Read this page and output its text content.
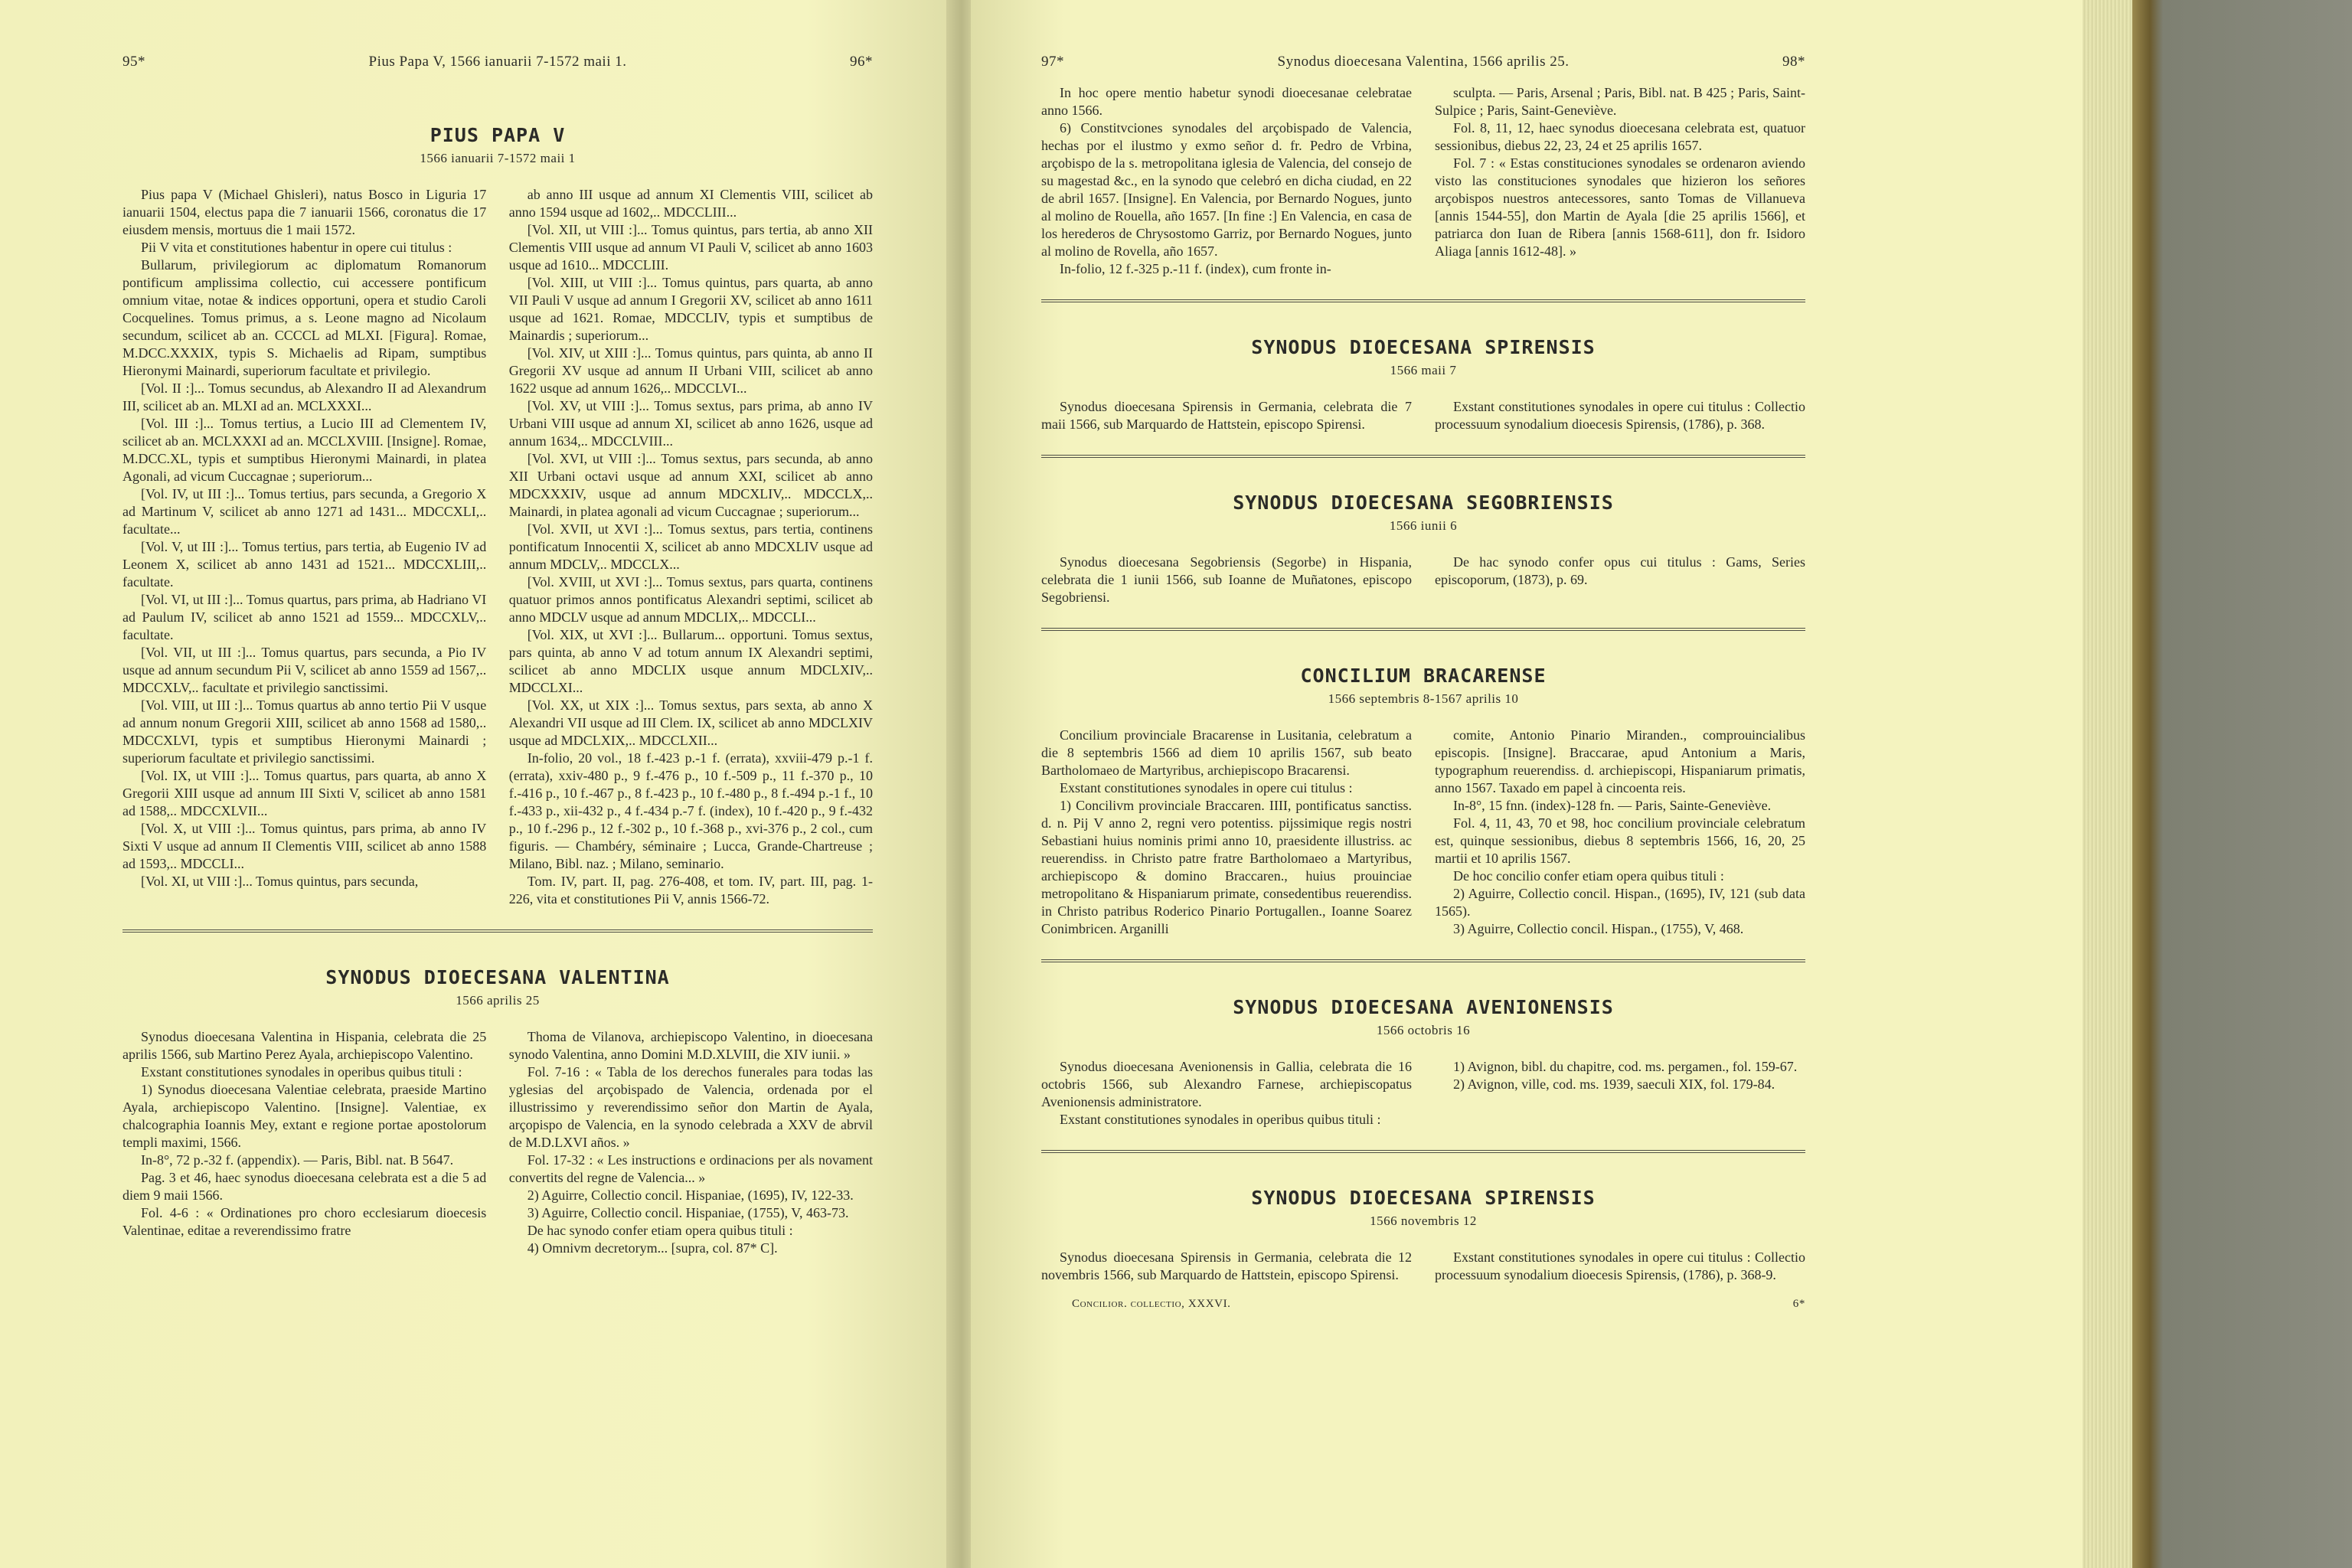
95*	Pius Papa V, 1566 ianuarii 7-1572 maii 1.	96*
PIUS PAPA V
1566 ianuarii 7-1572 maii 1

Pius papa V (Michael Ghisleri), natus Bosco in Liguria 17 ianuarii 1504, electus papa die 7 ianuarii 1566, coronatus die 17 eiusdem mensis, mortuus die 1 maii 1572.

Pii V vita et constitutiones habentur in opere cui titulus :

Bullarum, privilegiorum ac diplomatum Romanorum pontificum amplissima collectio, cui accessere pontificum omnium vitae, notae & indices opportuni, opera et studio Caroli Cocquelines. Tomus primus, a s. Leone magno ad Nicolaum secundum, scilicet ab an. CCCCL ad MLXI. [Figura]. Romae, M.DCC.XXXIX, typis S. Michaelis ad Ripam, sumptibus Hieronymi Mainardi, superiorum facultate et privilegio.

[Vol. II :]... Tomus secundus, ab Alexandro II ad Alexandrum III, scilicet ab an. MLXI ad an. MCLXXXI...

[Vol. III :]... Tomus tertius, a Lucio III ad Clementem IV, scilicet ab an. MCLXXXI ad an. MCCLXVIII. [Insigne]. Romae, M.DCC.XL, typis et sumptibus Hieronymi Mainardi, in platea Agonali, ad vicum Cuccagnae ; superiorum...

[Vol. IV, ut III :]... Tomus tertius, pars secunda, a Gregorio X ad Martinum V, scilicet ab anno 1271 ad 1431... MDCCXLI,.. facultate...

[Vol. V, ut III :]... Tomus tertius, pars tertia, ab Eugenio IV ad Leonem X, scilicet ab anno 1431 ad 1521... MDCCXLIII,.. facultate.

[Vol. VI, ut III :]... Tomus quartus, pars prima, ab Hadriano VI ad Paulum IV, scilicet ab anno 1521 ad 1559... MDCCXLV,.. facultate.

[Vol. VII, ut III :]... Tomus quartus, pars secunda, a Pio IV usque ad annum secundum Pii V, scilicet ab anno 1559 ad 1567,.. MDCCXLV,.. facultate et privilegio sanctissimi.

[Vol. VIII, ut III :]... Tomus quartus ab anno tertio Pii V usque ad annum nonum Gregorii XIII, scilicet ab anno 1568 ad 1580,.. MDCCXLVI, typis et sumptibus Hieronymi Mainardi ; superiorum facultate et privilegio sanctissimi.

[Vol. IX, ut VIII :]... Tomus quartus, pars quarta, ab anno X Gregorii XIII usque ad annum III Sixti V, scilicet ab anno 1581 ad 1588,.. MDCCXLVII...

[Vol. X, ut VIII :]... Tomus quintus, pars prima, ab anno IV Sixti V usque ad annum II Clementis VIII, scilicet ab anno 1588 ad 1593,.. MDCCLI...

[Vol. XI, ut VIII :]... Tomus quintus, pars secunda,

ab anno III usque ad annum XI Clementis VIII, scilicet ab anno 1594 usque ad 1602,.. MDCCLIII...

[Vol. XII, ut VIII :]... Tomus quintus, pars tertia, ab anno XII Clementis VIII usque ad annum VI Pauli V, scilicet ab anno 1603 usque ad 1610... MDCCLIII.

[Vol. XIII, ut VIII :]... Tomus quintus, pars quarta, ab anno VII Pauli V usque ad annum I Gregorii XV, scilicet ab anno 1611 usque ad 1621. Romae, MDCCLIV, typis et sumptibus de Mainardis ; superiorum...

[Vol. XIV, ut XIII :]... Tomus quintus, pars quinta, ab anno II Gregorii XV usque ad annum II Urbani VIII, scilicet ab anno 1622 usque ad annum 1626,.. MDCCLVI...

[Vol. XV, ut VIII :]... Tomus sextus, pars prima, ab anno IV Urbani VIII usque ad annum XI, scilicet ab anno 1626, usque ad annum 1634,.. MDCCLVIII...

[Vol. XVI, ut VIII :]... Tomus sextus, pars secunda, ab anno XII Urbani octavi usque ad annum XXI, scilicet ab anno MDCXXXIV, usque ad annum MDCXLIV,.. MDCCLX,.. Mainardi, in platea agonali ad vicum Cuccagnae ; superiorum...

[Vol. XVII, ut XVI :]... Tomus sextus, pars tertia, continens pontificatum Innocentii X, scilicet ab anno MDCXLIV usque ad annum MDCLV,.. MDCCLX...

[Vol. XVIII, ut XVI :]... Tomus sextus, pars quarta, continens quatuor primos annos pontificatus Alexandri septimi, scilicet ab anno MDCLV usque ad annum MDCLIX,.. MDCCLI...

[Vol. XIX, ut XVI :]... Bullarum... opportuni. Tomus sextus, pars quinta, ab anno V ad totum annum IX Alexandri septimi, scilicet ab anno MDCLIX usque annum MDCLXIV,.. MDCCLXI...

[Vol. XX, ut XIX :]... Tomus sextus, pars sexta, ab anno X Alexandri VII usque ad III Clem. IX, scilicet ab anno MDCLXIV usque ad MDCLXIX,.. MDCCLXII...

In-folio, 20 vol., 18 f.-423 p.-1 f. (errata), xxviii-479 p.-1 f. (errata), xxiv-480 p., 9 f.-476 p., 10 f.-509 p., 11 f.-370 p., 10 f.-416 p., 10 f.-467 p., 8 f.-423 p., 10 f.-480 p., 8 f.-494 p.-1 f., 10 f.-433 p., xii-432 p., 4 f.-434 p.-7 f. (index), 10 f.-420 p., 9 f.-432 p., 10 f.-296 p., 12 f.-302 p., 10 f.-368 p., xvi-376 p., 2 col., cum figuris. — Chambéry, séminaire ; Lucca, Grande-Chartreuse ; Milano, Bibl. naz. ; Milano, seminario.

Tom. IV, part. II, pag. 276-408, et tom. IV, part. III, pag. 1-226, vita et constitutiones Pii V, annis 1566-72.

SYNODUS DIOECESANA VALENTINA
1566 aprilis 25

Synodus dioecesana Valentina in Hispania, celebrata die 25 aprilis 1566, sub Martino Perez Ayala, archiepiscopo Valentino.

Exstant constitutiones synodales in operibus quibus tituli :

1) Synodus dioecesana Valentiae celebrata, praeside Martino Ayala, archiepiscopo Valentino. [Insigne]. Valentiae, ex chalcographia Ioannis Mey, extant e regione portae apostolorum templi maximi, 1566.

In-8°, 72 p.-32 f. (appendix). — Paris, Bibl. nat. B 5647.

Pag. 3 et 46, haec synodus dioecesana celebrata est a die 5 ad diem 9 maii 1566.

Fol. 4-6 : « Ordinationes pro choro ecclesiarum dioecesis Valentinae, editae a reverendissimo fratre

Thoma de Vilanova, archiepiscopo Valentino, in dioecesana synodo Valentina, anno Domini M.D.XLVIII, die XIV iunii. »

Fol. 7-16 : « Tabla de los derechos funerales para todas las yglesias del arçobispado de Valencia, ordenada por el illustrissimo y reverendissimo señor don Martin de Ayala, arçopispo de Valencia, en la synodo celebrada a XXV de abrvil de M.D.LXVI años. »

Fol. 17-32 : « Les instructions e ordinacions per als novament convertits del regne de Valencia... »

2) Aguirre, Collectio concil. Hispaniae, (1695), IV, 122-33.

3) Aguirre, Collectio concil. Hispaniae, (1755), V, 463-73.

De hac synodo confer etiam opera quibus tituli :

4) Omnivm decretorym... [supra, col. 87* C].

97*	Synodus dioecesana Valentina, 1566 aprilis 25.	98*

In hoc opere mentio habetur synodi dioecesanae celebratae anno 1566.

6) Constitvciones synodales del arçobispado de Valencia, hechas por el ilustmo y exmo señor d. fr. Pedro de Vrbina, arçobispo de la s. metropolitana iglesia de Valencia, del consejo de su magestad &c., en la synodo que celebró en dicha ciudad, en 22 de abril 1657. [Insigne]. En Valencia, por Bernardo Nogues, junto al molino de Rouella, año 1657. [In fine :] En Valencia, en casa de los herederos de Chrysostomo Garriz, por Bernardo Nogues, junto al molino de Rovella, año 1657.

In-folio, 12 f.-325 p.-11 f. (index), cum fronte in-

sculpta. — Paris, Arsenal ; Paris, Bibl. nat. B 425 ; Paris, Saint-Sulpice ; Paris, Saint-Geneviève.

Fol. 8, 11, 12, haec synodus dioecesana celebrata est, quatuor sessionibus, diebus 22, 23, 24 et 25 aprilis 1657.

Fol. 7 : « Estas constituciones synodales se ordenaron aviendo visto las constituciones synodales que hizieron los señores arçobispos nuestros antecessores, santo Tomas de Villanueva [annis 1544-55], don Martin de Ayala [die 25 aprilis 1566], et patriarca don Iuan de Ribera [annis 1568-611], don fr. Isidoro Aliaga [annis 1612-48]. »

SYNODUS DIOECESANA SPIRENSIS
1566 maii 7

Synodus dioecesana Spirensis in Germania, celebrata die 7 maii 1566, sub Marquardo de Hattstein, episcopo Spirensi.

Exstant constitutiones synodales in opere cui titulus : Collectio processuum synodalium dioecesis Spirensis, (1786), p. 368.

SYNODUS DIOECESANA SEGOBRIENSIS
1566 iunii 6

Synodus dioecesana Segobriensis (Segorbe) in Hispania, celebrata die 1 iunii 1566, sub Ioanne de Muñatones, episcopo Segobriensi.

De hac synodo confer opus cui titulus : Gams, Series episcoporum, (1873), p. 69.

CONCILIUM BRACARENSE
1566 septembris 8-1567 aprilis 10

Concilium provinciale Bracarense in Lusitania, celebratum a die 8 septembris 1566 ad diem 10 aprilis 1567, sub beato Bartholomaeo de Martyribus, archiepiscopo Bracarensi.

Exstant constitutiones synodales in opere cui titulus :

1) Concilivm provinciale Braccaren. IIII, pontificatus sanctiss. d. n. Pij V anno 2, regni vero potentiss. pijssimique regis nostri Sebastiani huius nominis primi anno 10, praesidente illustriss. ac reuerendiss. in Christo patre fratre Bartholomaeo a Martyribus, archiepiscopo & domino Braccaren., huius prouinciae metropolitano & Hispaniarum primate, consedentibus reuerendiss. in Christo patribus Roderico Pinario Portugallen., Ioanne Soarez Conimbricen. Arganilli

comite, Antonio Pinario Miranden., comprouincialibus episcopis. [Insigne]. Braccarae, apud Antonium a Maris, typographum reuerendiss. d. archiepiscopi, Hispaniarum primatis, anno 1567. Taxado em papel à cincoenta reis.

In-8°, 15 fnn. (index)-128 fn. — Paris, Sainte-Geneviève.

Fol. 4, 11, 43, 70 et 98, hoc concilium provinciale celebratum est, quinque sessionibus, diebus 8 septembris 1566, 16, 20, 25 martii et 10 aprilis 1567.

De hoc concilio confer etiam opera quibus tituli :

2) Aguirre, Collectio concil. Hispan., (1695), IV, 121 (sub data 1565).

3) Aguirre, Collectio concil. Hispan., (1755), V, 468.

SYNODUS DIOECESANA AVENIONENSIS
1566 octobris 16

Synodus dioecesana Avenionensis in Gallia, celebrata die 16 octobris 1566, sub Alexandro Farnese, archiepiscopatus Avenionensis administratore.

Exstant constitutiones synodales in operibus quibus tituli :

1) Avignon, bibl. du chapitre, cod. ms. pergamen., fol. 159-67.

2) Avignon, ville, cod. ms. 1939, saeculi XIX, fol. 179-84.

SYNODUS DIOECESANA SPIRENSIS
1566 novembris 12

Synodus dioecesana Spirensis in Germania, celebrata die 12 novembris 1566, sub Marquardo de Hattstein, episcopo Spirensi.

Exstant constitutiones synodales in opere cui titulus : Collectio processuum synodalium dioecesis Spirensis, (1786), p. 368-9.

Concilior. collectio, XXXVI.	6*
